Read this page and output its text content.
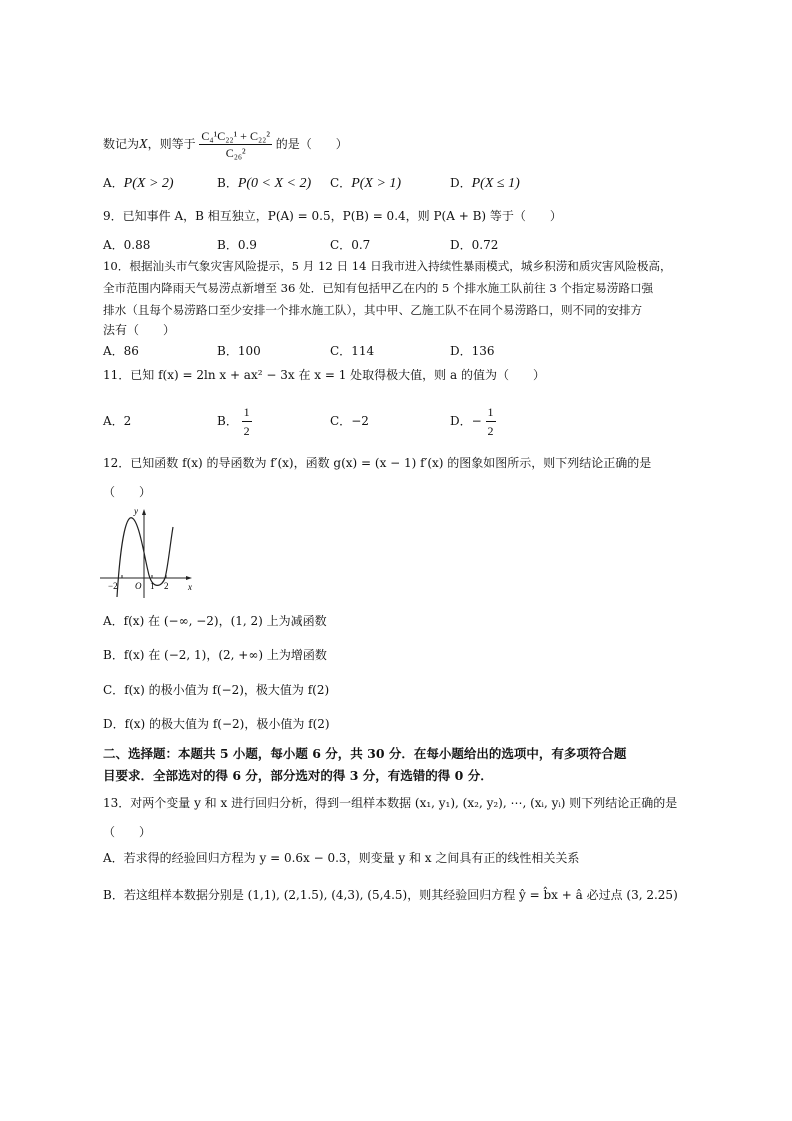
数记为X，则等于 $\frac{\text{C₄¹C₂₂¹ + C₂₂²}}{\text{C₂₆²}}$ 的是（　　）
A．P(X > 2)	B．P(0 < X < 2) C．P(X > 1)	D．P(X ≤ 1)
9．已知事件 A，B 相互独立，P(A) = 0.5，P(B) = 0.4，则 P(A + B) 等于（　　）
A．0.88	B．0.9	C．0.7	D．0.72
10．根据汕头市气象灾害风险提示，5 月 12 日 14 日我市进入持续性暴雨模式，城乡积涝和质灾害风险极高，
全市范围内降雨天气易涝点新增至 36 处．已知有包括甲乙在内的 5 个排水施工队前往 3 个指定易涝路口强
排水（且每个易涝路口至少安排一个排水施工队），其中甲、乙施工队不在同个易涝路口，则不同的安排方
法有（　　）
A．86	B．100	C．114	D．136
11．已知 f(x) = 2ln x + ax² − 3x 在 x = 1 处取得极大值，则 a 的值为（　　）
A．2	B． $\frac{1}{2}$	C．−2	D．− $\frac{1}{2}$
12．已知函数 f(x) 的导函数为 f′(x)，函数 g(x) = (x − 1) f′(x) 的图象如图所示，则下列结论正确的是
（　　）
y
x
O
−2	1 2
A．f(x) 在 (−∞, −2)，(1, 2) 上为减函数
B．f(x) 在 (−2, 1)，(2, +∞) 上为增函数
C．f(x) 的极小值为 f(−2)，极大值为 f(2)
D．f(x) 的极大值为 f(−2)，极小值为 f(2)
二、选择题：本题共 5 小题，每小题 6 分，共 30 分．在每小题给出的选项中，有多项符合题
目要求．全部选对的得 6 分，部分选对的得 3 分，有选错的得 0 分．
13．对两个变量 y 和 x 进行回归分析，得到一组样本数据 (x₁, y₁), (x₂, y₂), ⋯, (xᵢ, yᵢ) 则下列结论正确的是
（　　）
A．若求得的经验回归方程为 y = 0.6x − 0.3，则变量 y 和 x 之间具有正的线性相关关系
B．若这组样本数据分别是 (1,1), (2,1.5), (4,3), (5,4.5)，则其经验回归方程 ŷ = b̂x + â 必过点 (3, 2.25)
